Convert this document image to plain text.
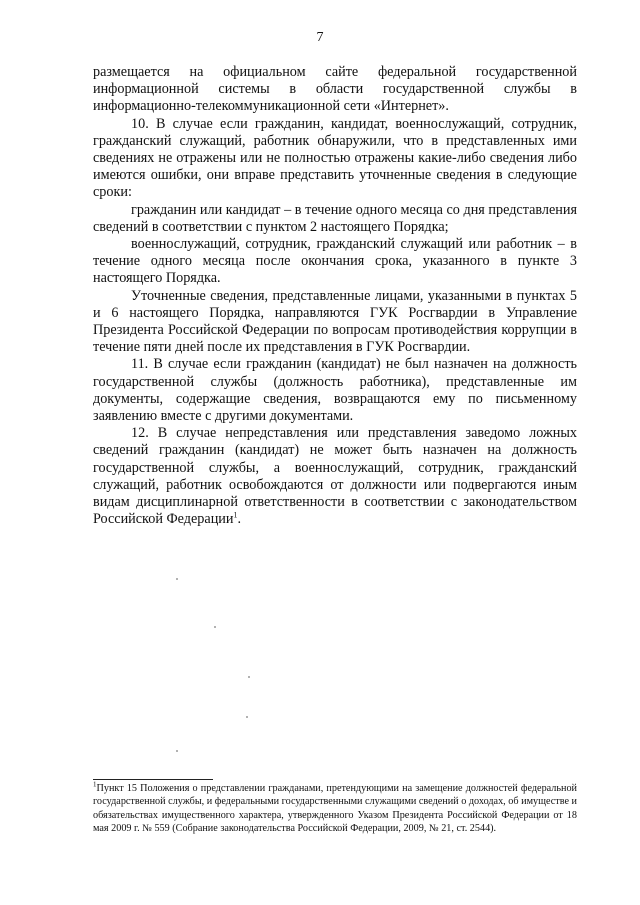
7

размещается на официальном сайте федеральной государственной информационной системы в области государственной службы в информационно-телекоммуникационной сети «Интернет».

10. В случае если гражданин, кандидат, военнослужащий, сотрудник, гражданский служащий, работник обнаружили, что в представленных ими сведениях не отражены или не полностью отражены какие-либо сведения либо имеются ошибки, они вправе представить уточненные сведения в следующие сроки:

гражданин или кандидат – в течение одного месяца со дня представления сведений в соответствии с пунктом 2 настоящего Порядка;

военнослужащий, сотрудник, гражданский служащий или работник – в течение одного месяца после окончания срока, указанного в пункте 3 настоящего Порядка.

Уточненные сведения, представленные лицами, указанными в пунктах 5 и 6 настоящего Порядка, направляются ГУК Росгвардии в Управление Президента Российской Федерации по вопросам противодействия коррупции в течение пяти дней после их представления в ГУК Росгвардии.

11. В случае если гражданин (кандидат) не был назначен на должность государственной службы (должность работника), представленные им документы, содержащие сведения, возвращаются ему по письменному заявлению вместе с другими документами.

12. В случае непредставления или представления заведомо ложных сведений гражданин (кандидат) не может быть назначен на должность государственной службы, а военнослужащий, сотрудник, гражданский служащий, работник освобождаются от должности или подвергаются иным видам дисциплинарной ответственности в соответствии с законодательством Российской Федерации$^1$.

$^1$Пункт 15 Положения о представлении гражданами, претендующими на замещение должностей федеральной государственной службы, и федеральными государственными служащими сведений о доходах, об имуществе и обязательствах имущественного характера, утвержденного Указом Президента Российской Федерации от 18 мая 2009 г. № 559 (Собрание законодательства Российской Федерации, 2009, № 21, ст. 2544).
